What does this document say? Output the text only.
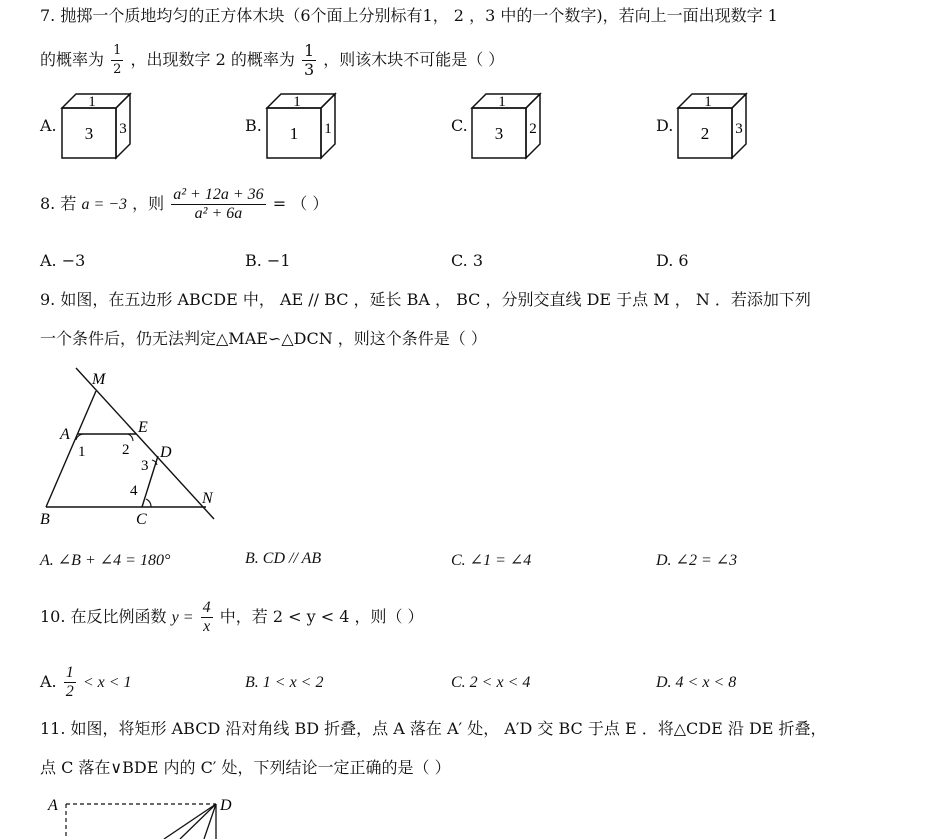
7. 抛掷一个质地均匀的正方体木块（6个面上分别标有1， 2 ，3 中的一个数字)，若向上一面出现数字 1
的概率为 $\frac{1}{2}$ ，出现数字 2 的概率为 $\frac{1}{3}$ ，则该木块不可能是（ ）
A.
1
3 3	B.
1
1 1	C.
1
3 2	D.
1
2 3
8. 若 a = −3 ，则 $\frac{\text{a² + 12a + 36}}{\text{a² + 6a}}$ = （ ）
A. −3	B. −1	C. 3	D. 6
9. 如图，在五边形 ABCDE 中， AE // BC ，延长 BA ， BC ，分别交直线 DE 于点 M ， N ．若添加下列
一个条件后，仍无法判定△MAE∽△DCN ，则这个条件是（ ）
M
A	E
D
N
B	C
1 2
3
4
A. ∠B + ∠4 = 180°	B. CD // AB	C. ∠1 = ∠4	D. ∠2 = ∠3
10. 在反比例函数 $y = \frac{4}{x}$ 中，若 2 < y < 4 ，则（ ）
A. $\frac{1}{2} < x < 1$	B. 1 < x < 2	C. 2 < x < 4	D. 4 < x < 8
11. 如图，将矩形 ABCD 沿对角线 BD 折叠，点 A 落在 A′ 处， A′D 交 BC 于点 E ．将△CDE 沿 DE 折叠，
点 C 落在∨BDE 内的 C′ 处，下列结论一定正确的是（ ）
A	D
